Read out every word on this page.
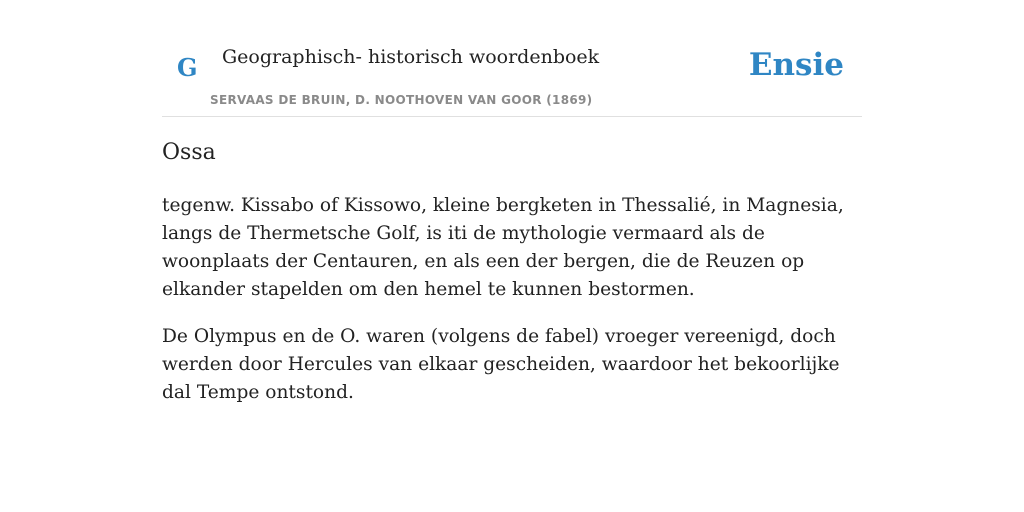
G Geographisch- historisch woordenboek
SERVAAS DE BRUIN, D. NOOTHOVEN VAN GOOR (1869)
Ensie
Ossa

tegenw. Kissabo of Kissowo, kleine bergketen in Thessalié, in Magnesia, langs de Thermetsche Golf, is iti de mythologie vermaard als de woonplaats der Centauren, en als een der bergen, die de Reuzen op elkander stapelden om den hemel te kunnen bestormen.

De Olympus en de O. waren (volgens de fabel) vroeger vereenigd, doch werden door Hercules van elkaar gescheiden, waardoor het bekoorlijke dal Tempe ontstond.
